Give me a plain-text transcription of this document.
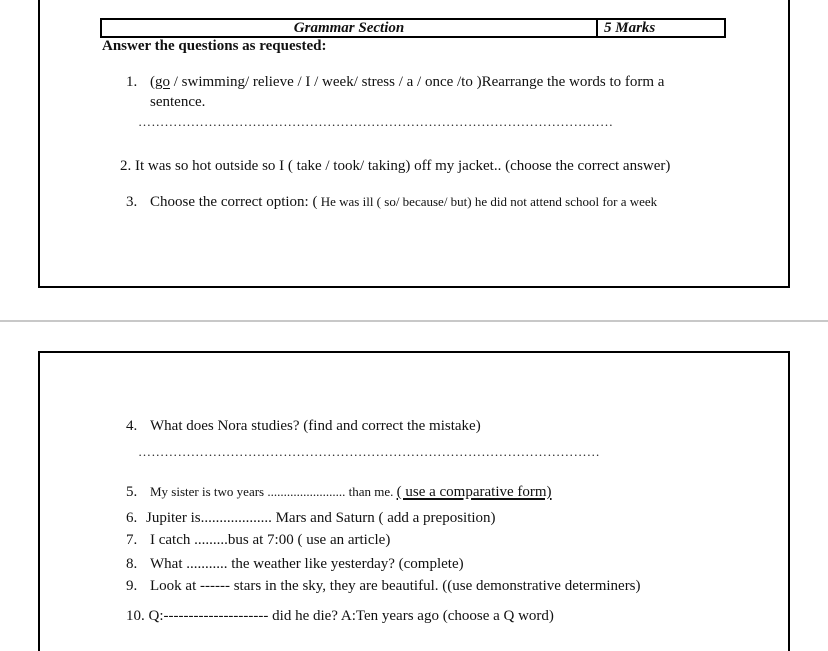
Grammar Section	5 Marks
Answer the questions as requested:
1. (go / swimming/ relieve / I / week/ stress / a / once /to )Rearrange the words to form a
sentence.
………………………………………………………………………………………………
2. It was so hot outside so I ( take / took/ taking) off my jacket.. (choose the correct answer)
3. Choose the correct option: ( He was ill ( so/ because/ but) he did not attend school for a week
4. What does Nora studies? (find and correct the mistake)
……………………………………………………………………………………………
5. My sister is two years ........................ than me. ( use a comparative form)
6. Jupiter is................... Mars and Saturn ( add a preposition)
7. I catch .........bus at 7:00 ( use an article)
8. What ........... the weather like yesterday? (complete)
9. Look at ------ stars in the sky, they are beautiful. ((use demonstrative determiners)
10. Q:--------------------- did he die? A:Ten years ago (choose a Q word)
